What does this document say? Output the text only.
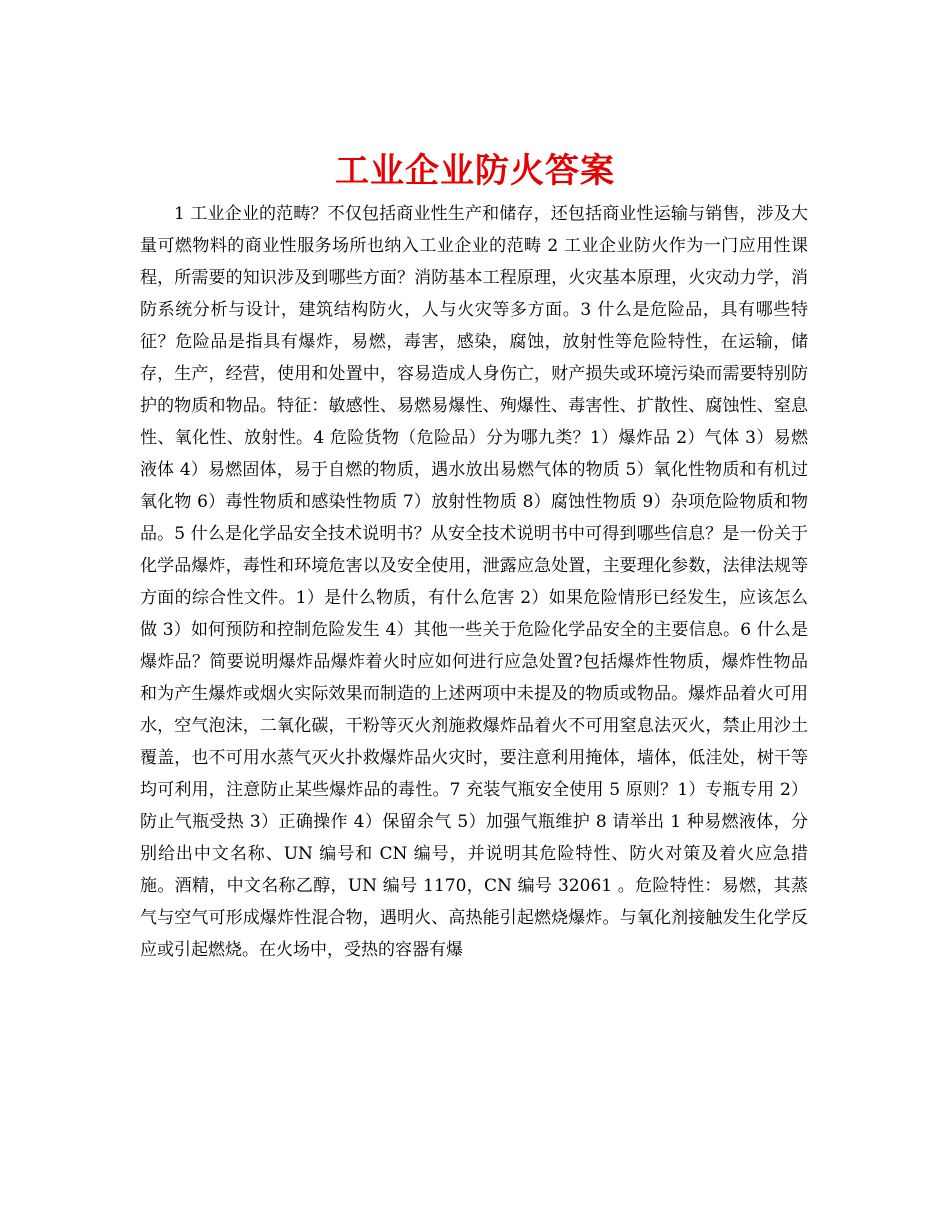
工业企业防火答案

1 工业企业的范畴？不仅包括商业性生产和储存，还包括商业性运输与销售，涉及大量可燃物料的商业性服务场所也纳入工业企业的范畴 2 工业企业防火作为一门应用性课程，所需要的知识涉及到哪些方面？消防基本工程原理，火灾基本原理，火灾动力学，消防系统分析与设计，建筑结构防火，人与火灾等多方面。3 什么是危险品，具有哪些特征？危险品是指具有爆炸，易燃，毒害，感染，腐蚀，放射性等危险特性，在运输，储存，生产，经营，使用和处置中，容易造成人身伤亡，财产损失或环境污染而需要特别防护的物质和物品。特征：敏感性、易燃易爆性、殉爆性、毒害性、扩散性、腐蚀性、窒息性、氧化性、放射性。4 危险货物（危险品）分为哪九类？1）爆炸品 2）气体 3）易燃液体 4）易燃固体，易于自燃的物质，遇水放出易燃气体的物质 5）氧化性物质和有机过氧化物 6）毒性物质和感染性物质 7）放射性物质 8）腐蚀性物质 9）杂项危险物质和物品。5 什么是化学品安全技术说明书？从安全技术说明书中可得到哪些信息？是一份关于化学品爆炸，毒性和环境危害以及安全使用，泄露应急处置，主要理化参数，法律法规等方面的综合性文件。1）是什么物质，有什么危害 2）如果危险情形已经发生，应该怎么做 3）如何预防和控制危险发生 4）其他一些关于危险化学品安全的主要信息。6 什么是爆炸品？简要说明爆炸品爆炸着火时应如何进行应急处置?包括爆炸性物质，爆炸性物品和为产生爆炸或烟火实际效果而制造的上述两项中未提及的物质或物品。爆炸品着火可用水，空气泡沫，二氧化碳，干粉等灭火剂施救爆炸品着火不可用窒息法灭火，禁止用沙土覆盖，也不可用水蒸气灭火扑救爆炸品火灾时，要注意利用掩体，墙体，低洼处，树干等均可利用，注意防止某些爆炸品的毒性。7 充装气瓶安全使用 5 原则？1）专瓶专用 2）防止气瓶受热 3）正确操作 4）保留余气 5）加强气瓶维护 8 请举出 1 种易燃液体，分别给出中文名称、UN 编号和 CN 编号，并说明其危险特性、防火对策及着火应急措施。酒精，中文名称乙醇，UN 编号 1170，CN 编号 32061 。危险特性：易燃，其蒸气与空气可形成爆炸性混合物，遇明火、高热能引起燃烧爆炸。与氧化剂接触发生化学反应或引起燃烧。在火场中，受热的容器有爆
